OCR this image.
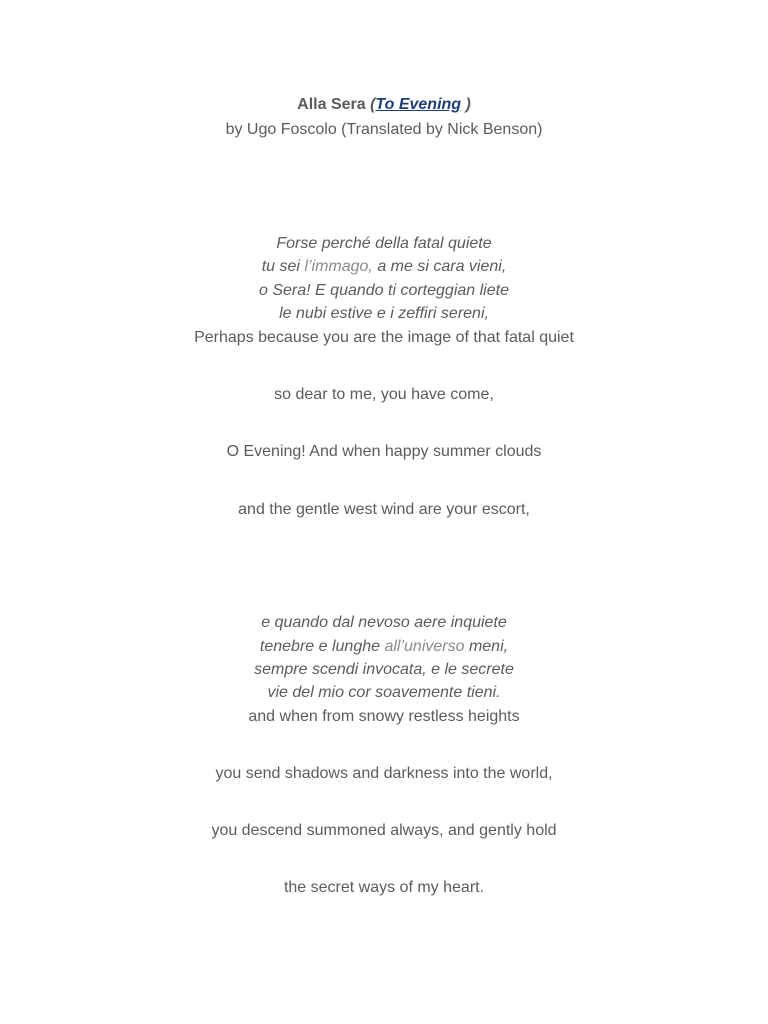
Alla Sera (To Evening )
by Ugo Foscolo (Translated by Nick Benson)
Forse perché della fatal quiete
tu sei l’immago, a me si cara vieni,
o Sera! E quando ti corteggian liete
le nubi estive e i zeffiri sereni,
Perhaps because you are the image of that fatal quiet
so dear to me, you have come,
O Evening! And when happy summer clouds
and the gentle west wind are your escort,
e quando dal nevoso aere inquiete
tenebre e lunghe all’universo meni,
sempre scendi invocata, e le secrete
vie del mio cor soavemente tieni.
and when from snowy restless heights
you send shadows and darkness into the world,
you descend summoned always, and gently hold
the secret ways of my heart.
